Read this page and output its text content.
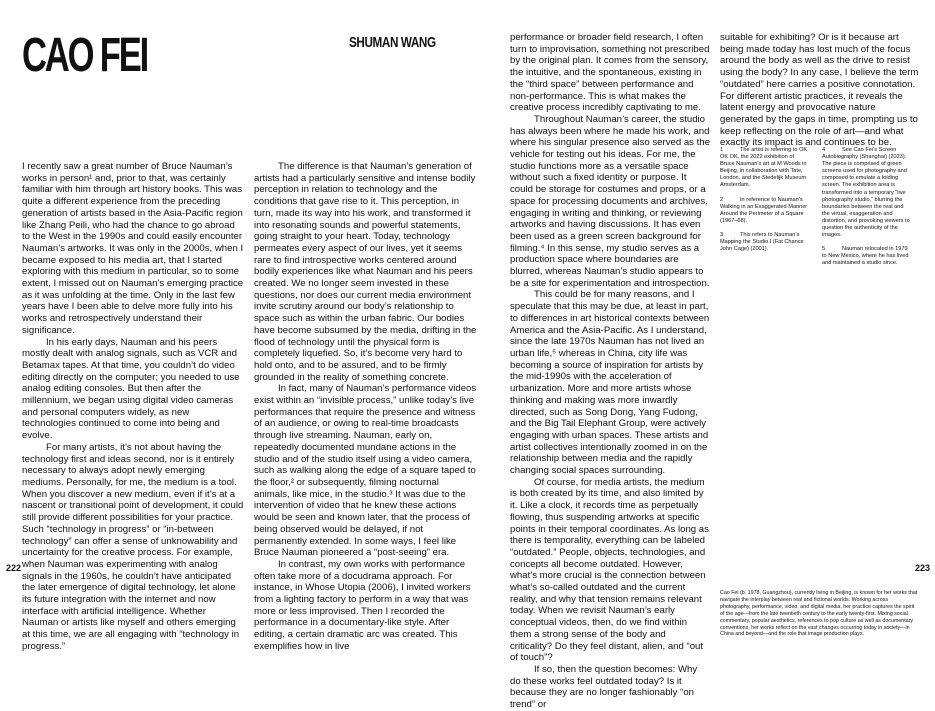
CAO FEI	SHUMAN WANG

I recently saw a great number of Bruce Nauman’s works in person¹ and, prior to that, was certainly familiar with him through art history books. This was quite a different experience from the preceding generation of artists based in the Asia-Pacific region like Zhang Peili, who had the chance to go abroad to the West in the 1990s and could easily encounter Nauman’s artworks. It was only in the 2000s, when I became exposed to his media art, that I started exploring with this medium in particular, so to some extent, I missed out on Nauman’s emerging practice as it was unfolding at the time. Only in the last few years have I been able to delve more fully into his works and retrospectively understand their significance.

In his early days, Nauman and his peers mostly dealt with analog signals, such as VCR and Betamax tapes. At that time, you couldn’t do video editing directly on the computer; you needed to use analog editing consoles. But then after the millennium, we began using digital video cameras and personal computers widely, as new technologies continued to come into being and evolve.

For many artists, it’s not about having the technology first and ideas second, nor is it entirely necessary to always adopt newly emerging mediums. Personally, for me, the medium is a tool. When you discover a new medium, even if it’s at a nascent or transitional point of development, it could still provide different possibilities for your practice. Such “technology in progress” or “in-between technology” can offer a sense of unknowability and uncertainty for the creative process. For example, when Nauman was experimenting with analog signals in the 1960s, he couldn’t have anticipated the later emergence of digital technology, let alone its future integration with the internet and now interface with artificial intelligence. Whether Nauman or artists like myself and others emerging at this time, we are all engaging with “technology in progress.”

The difference is that Nauman’s generation of artists had a particularly sensitive and intense bodily perception in relation to technology and the conditions that gave rise to it. This perception, in turn, made its way into his work, and transformed it into resonating sounds and powerful statements, going straight to your heart. Today, technology permeates every aspect of our lives, yet it seems rare to find introspective works centered around bodily experiences like what Nauman and his peers created. We no longer seem invested in these questions, nor does our current media environment invite scrutiny around our body’s relationship to space such as within the urban fabric. Our bodies have become subsumed by the media, drifting in the flood of technology until the physical form is completely liquefied. So, it’s become very hard to hold onto, and to be assured, and to be firmly grounded in the reality of something concrete.

In fact, many of Nauman’s performance videos exist within an “invisible process,” unlike today’s live performances that require the presence and witness of an audience, or owing to real-time broadcasts through live streaming. Nauman, early on, repeatedly documented mundane actions in the studio and of the studio itself using a video camera, such as walking along the edge of a square taped to the floor,² or subsequently, filming nocturnal animals, like mice, in the studio.³ It was due to the intervention of video that he knew these actions would be seen and known later, that the process of being observed would be delayed, if not permanently extended. In some ways, I feel like Bruce Nauman pioneered a “post-seeing” era.

In contrast, my own works with performance often take more of a docudrama approach. For instance, in Whose Utopia (2006), I invited workers from a lighting factory to perform in a way that was more or less improvised. Then I recorded the performance in a documentary-like style. After editing, a certain dramatic arc was created. This exemplifies how in live

performance or broader field research, I often turn to improvisation, something not prescribed by the original plan. It comes from the sensory, the intuitive, and the spontaneous, existing in the “third space” between performance and non-performance. This is what makes the creative process incredibly captivating to me.

Throughout Nauman’s career, the studio has always been where he made his work, and where his singular presence also served as the vehicle for testing out his ideas. For me, the studio functions more as a versatile space without such a fixed identity or purpose. It could be storage for costumes and props, or a space for processing documents and archives, engaging in writing and thinking, or reviewing artworks and having discussions. It has even been used as a green screen background for filming.⁴ In this sense, my studio serves as a production space where boundaries are blurred, whereas Nauman’s studio appears to be a site for experimentation and introspection.

This could be for many reasons, and I speculate that this may be due, at least in part, to differences in art historical contexts between America and the Asia-Pacific. As I understand, since the late 1970s Nauman has not lived an urban life,⁵ whereas in China, city life was becoming a source of inspiration for artists by the mid-1990s with the acceleration of urbanization. More and more artists whose thinking and making was more inwardly directed, such as Song Dong, Yang Fudong, and the Big Tail Elephant Group, were actively engaging with urban spaces. These artists and artist collectives intentionally zoomed in on the relationship between media and the rapidly changing social spaces surrounding.

Of course, for media artists, the medium is both created by its time, and also limited by it. Like a clock, it records time as perpetually flowing, thus suspending artworks at specific points in their temporal coordinates. As long as there is temporality, everything can be labeled “outdated.” People, objects, technologies, and concepts all become outdated. However, what’s more crucial is the connection between what’s so-called outdated and the current reality, and why that tension remains relevant today. When we revisit Nauman’s early conceptual videos, then, do we find within them a strong sense of the body and criticality? Do they feel distant, alien, and “out of touch”?

If so, then the question becomes: Why do these works feel outdated today? Is it because they are no longer fashionably “on trend” or

suitable for exhibiting? Or is it because art being made today has lost much of the focus around the body as well as the drive to resist using the body? In any case, I believe the term “outdated” here carries a positive connotation. For different artistic practices, it reveals the latent energy and provocative nature generated by the gaps in time, prompting us to keep reflecting on the role of art—and what exactly its impact is and continues to be.

1	The artist is referring to OK OK OK, the 2022 exhibition of Bruce Nauman’s art at M Woods in Beijing, in collaboration with Tate, London, and the Stedelijk Museum Amsterdam.
2	In reference to Nauman’s Walking in an Exaggerated Manner Around the Perimeter of a Square (1967–68).
3	This refers to Nauman’s Mapping the Studio I (Fat Chance John Cage) (2001).
4	See Cao Fei’s Screen Autobiography (Shanghai) (2023). The piece is comprised of green screens used for photography and composed to emulate a folding screen. The exhibition area is transformed into a temporary “live photography studio,” blurring the boundaries between the real and the virtual, exaggeration and distortion, and provoking viewers to question the authenticity of the images.
5	Nauman relocated in 1979 to New Mexico, where he has lived and maintained a studio since.
222	223
Cao Fei (b. 1978, Guangzhou), currently living in Beijing, is known for her works that navigate the interplay between real and fictional worlds. Working across photography, performance, video, and digital media, her practice captures the spirit of the age—from the late twentieth century to the early twenty-first. Mixing social commentary, popular aesthetics, references to pop culture as well as documentary conventions, her works reflect on the vast changes occurring today in society—in China and beyond—and the role that image production plays.
